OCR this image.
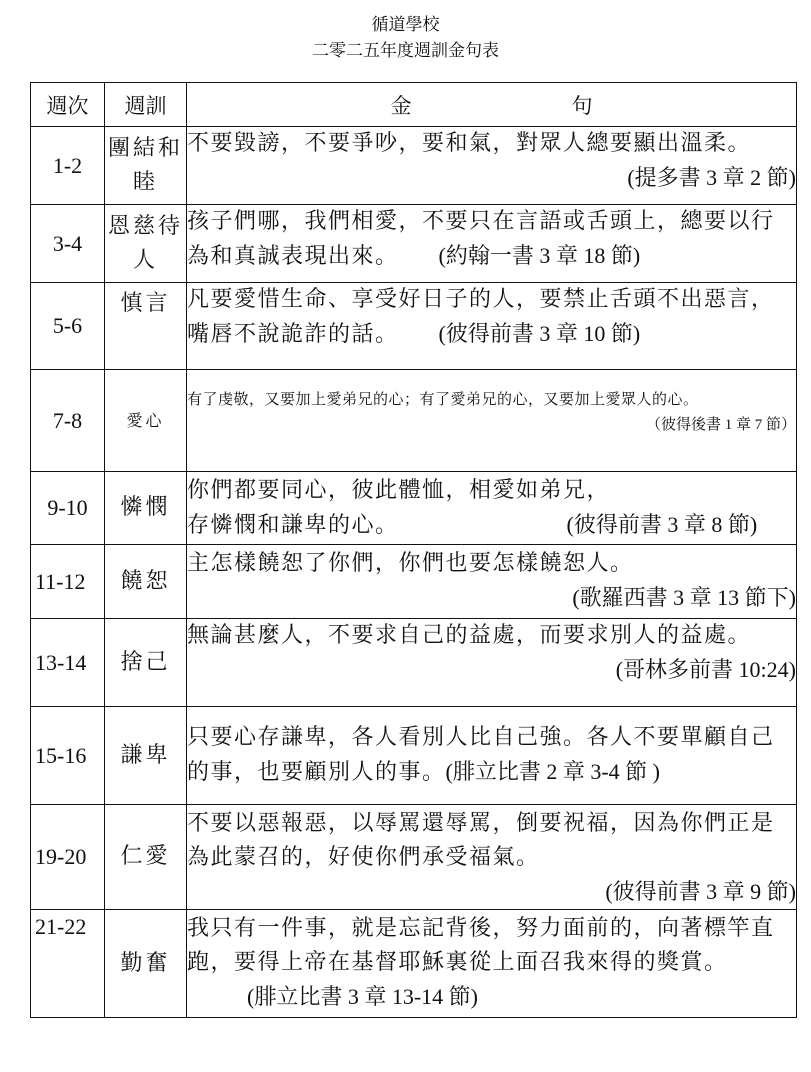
循道學校
二零二五年度週訓金句表
週次	週訓	金 句

1-2	團結和睦	不要毀謗，不要爭吵，要和氣，對眾人總要顯出溫柔。
(提多書 3 章 2 節)

3-4	恩慈待人	孩子們哪，我們相愛，不要只在言語或舌頭上，總要以行為和真誠表現出來。 (約翰一書 3 章 18 節)
5-6	慎言	凡要愛惜生命、享受好日子的人，要禁止舌頭不出惡言，嘴唇不說詭詐的話。 (彼得前書 3 章 10 節)
7-8	愛心	有了虔敬，又要加上愛弟兄的心；有了愛弟兄的心，又要加上愛眾人的心。
（彼得後書 1 章 7 節）

9-10	憐憫	你們都要同心，彼此體恤，相愛如弟兄，
存憐憫和謙卑的心。 (彼得前書 3 章 8 節)
11-12	饒恕	主怎樣饒恕了你們，你們也要怎樣饒恕人。
(歌羅西書 3 章 13 節下)

13-14	捨己	無論甚麼人，不要求自己的益處，而要求別人的益處。
(哥林多前書 10:24)

15-16	謙卑	只要心存謙卑，各人看別人比自己強。各人不要單顧自己的事，也要顧別人的事。(腓立比書 2 章 3-4 節 )
19-20	仁愛	不要以惡報惡，以辱罵還辱罵，倒要祝福，因為你們正是為此蒙召的，好使你們承受福氣。
(彼得前書 3 章 9 節)

21-22	勤奮	我只有一件事，就是忘記背後，努力面前的，向著標竿直跑，要得上帝在基督耶穌裏從上面召我來得的獎賞。(腓立比書 3 章 13-14 節)
